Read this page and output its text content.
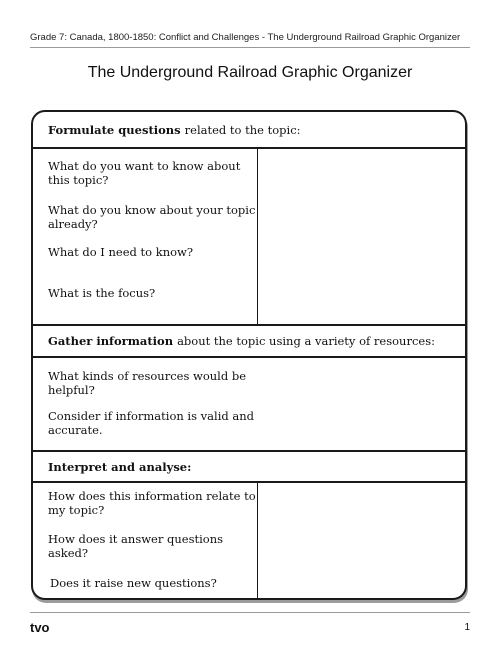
Grade 7: Canada, 1800-1850: Conflict and Challenges - The Underground Railroad Graphic Organizer
The Underground Railroad Graphic Organizer
Formulate questions related to the topic:
What do you want to know about this topic?
What do you know about your topic already?
What do I need to know?
What is the focus?
Gather information about the topic using a variety of resources:
What kinds of resources would be helpful?
Consider if information is valid and accurate.
Interpret and analyse:
How does this information relate to my topic?
How does it answer questions asked?
Does it raise new questions?
tvo	1
